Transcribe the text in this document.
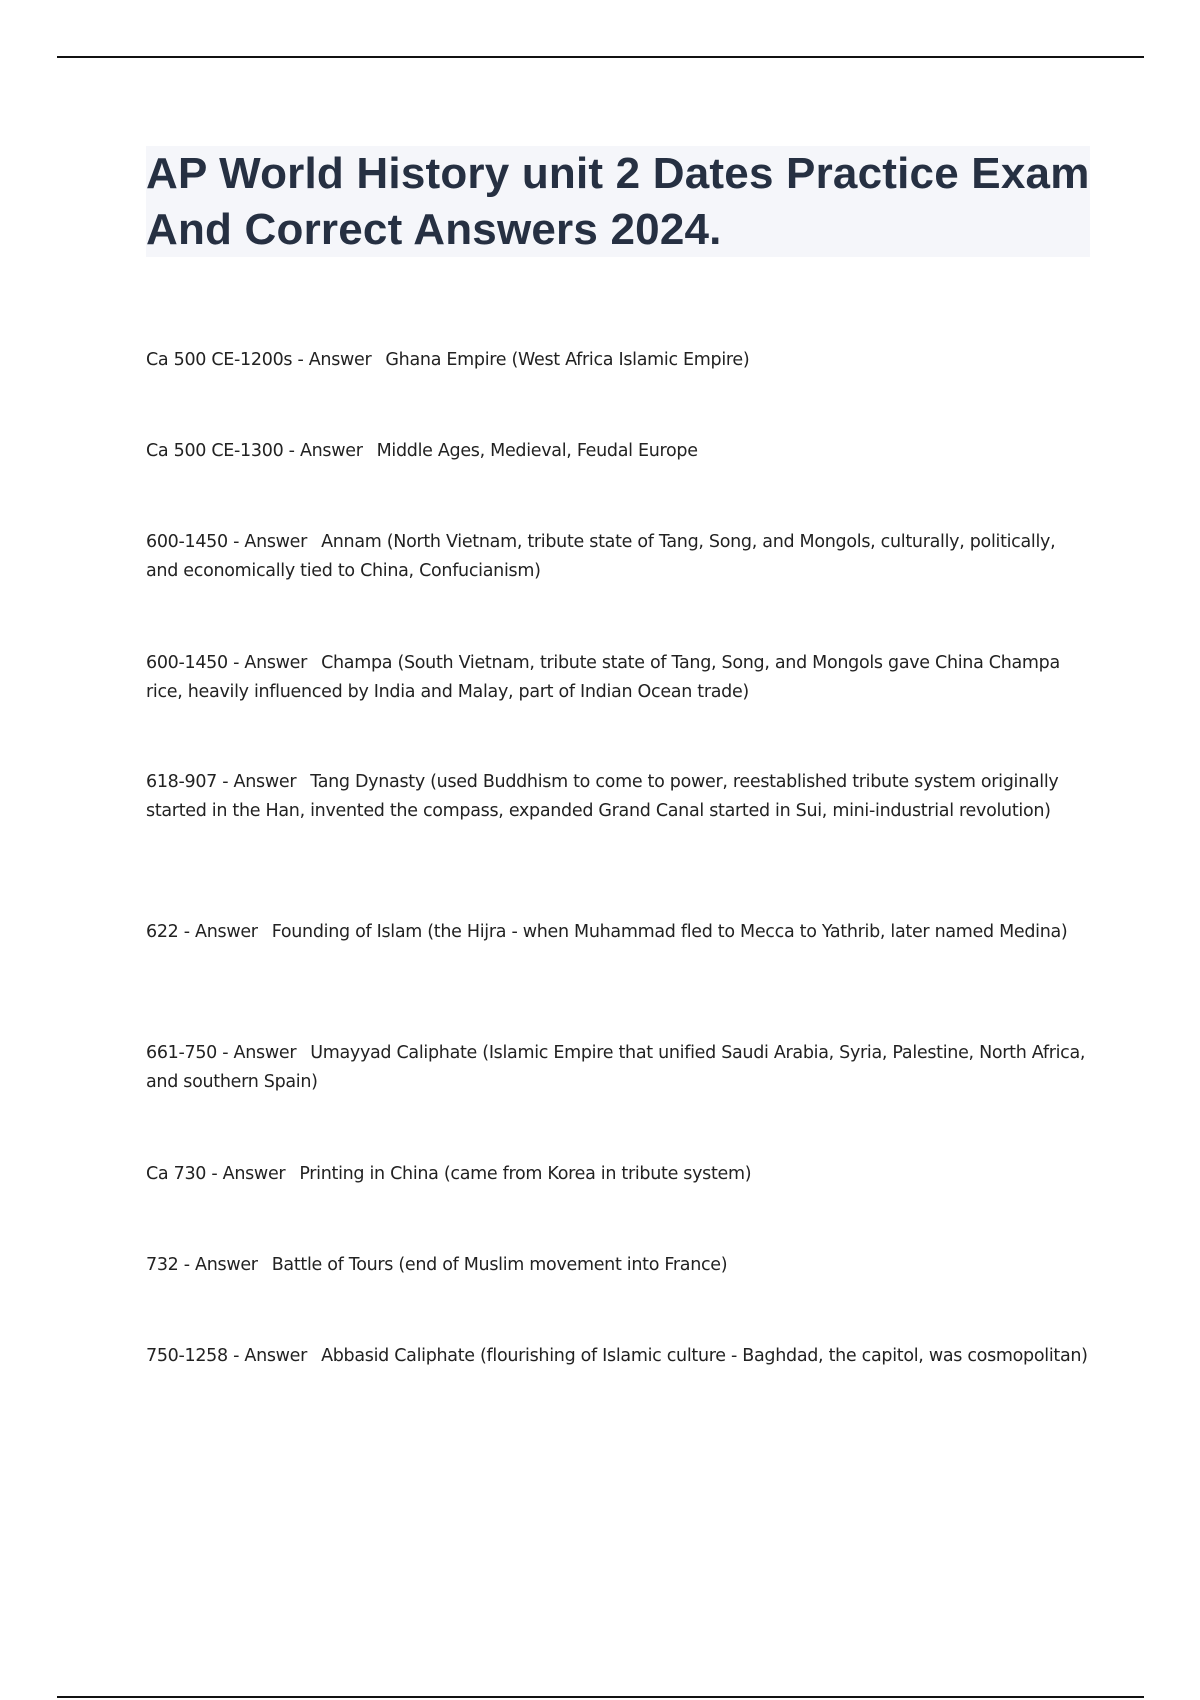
AP World History unit 2 Dates Practice Exam And Correct Answers 2024.
Ca 500 CE-1200s - Answer Ghana Empire (West Africa Islamic Empire)
Ca 500 CE-1300 - Answer Middle Ages, Medieval, Feudal Europe
600-1450 - Answer Annam (North Vietnam, tribute state of Tang, Song, and Mongols, culturally, politically, and economically tied to China, Confucianism)
600-1450 - Answer Champa (South Vietnam, tribute state of Tang, Song, and Mongols gave China Champa rice, heavily influenced by India and Malay, part of Indian Ocean trade)
618-907 - Answer Tang Dynasty (used Buddhism to come to power, reestablished tribute system originally started in the Han, invented the compass, expanded Grand Canal started in Sui, mini-industrial revolution)
622 - Answer Founding of Islam (the Hijra - when Muhammad fled to Mecca to Yathrib, later named Medina)
661-750 - Answer Umayyad Caliphate (Islamic Empire that unified Saudi Arabia, Syria, Palestine, North Africa, and southern Spain)
Ca 730 - Answer Printing in China (came from Korea in tribute system)
732 - Answer Battle of Tours (end of Muslim movement into France)
750-1258 - Answer Abbasid Caliphate (flourishing of Islamic culture - Baghdad, the capitol, was cosmopolitan)
